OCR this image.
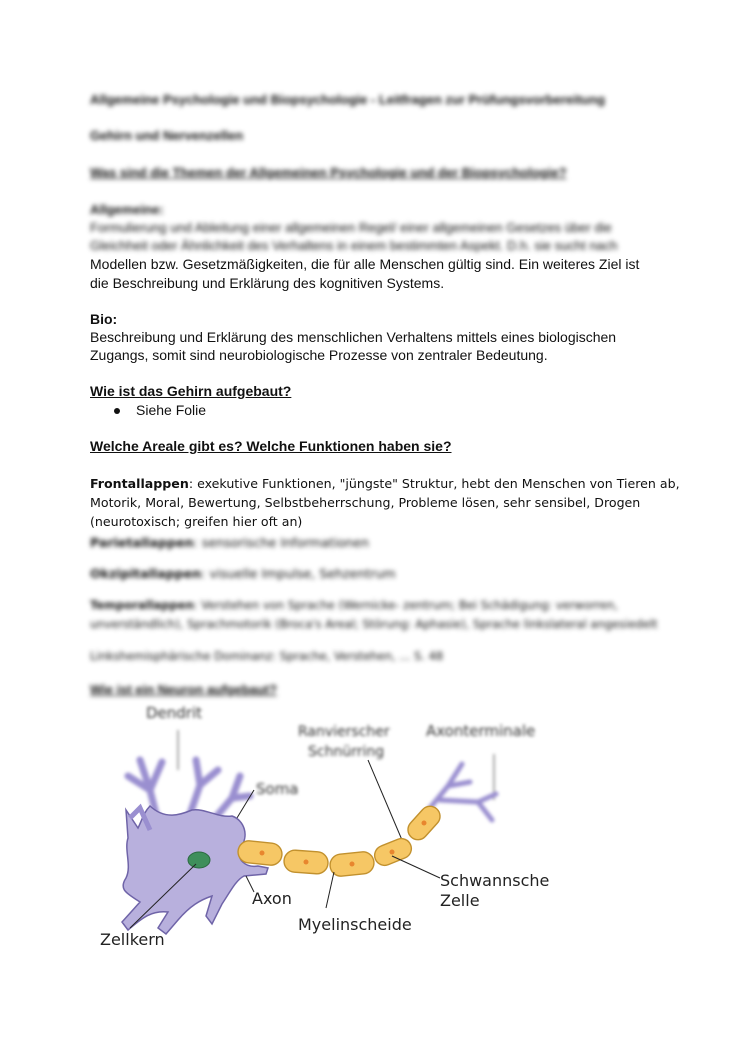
Allgemeine Psychologie und Biopsychologie - Leitfragen zur Prüfungsvorbereitung
Gehirn und Nervenzellen
Was sind die Themen der Allgemeinen Psychologie und der Biopsychologie?
Allgemeine:
Formulierung und Ableitung einer allgemeinen Regel/ einer allgemeinen Gesetzes über die
Gleichheit oder Ähnlichkeit des Verhaltens in einem bestimmten Aspekt. D.h. sie sucht nach
Modellen bzw. Gesetzmäßigkeiten, die für alle Menschen gültig sind. Ein weiteres Ziel ist
die Beschreibung und Erklärung des kognitiven Systems.
Bio:
Beschreibung und Erklärung des menschlichen Verhaltens mittels eines biologischen
Zugangs, somit sind neurobiologische Prozesse von zentraler Bedeutung.
Wie ist das Gehirn aufgebaut?
Siehe Folie
Welche Areale gibt es? Welche Funktionen haben sie?
Frontallappen: exekutive Funktionen, "jüngste" Struktur, hebt den Menschen von Tieren ab,
Motorik, Moral, Bewertung, Selbstbeherrschung, Probleme lösen, sehr sensibel, Drogen
(neurotoxisch; greifen hier oft an)
Parietallappen: sensorische Informationen
Okzipitallappen: visuelle Impulse, Sehzentrum
Temporallappen: Verstehen von Sprache (Wernicke- zentrum; Bei Schädigung: verworren,
unverständlich), Sprachmotorik (Broca's Areal; Störung: Aphasie), Sprache linkslateral angesiedelt
Linkshemisphärische Dominanz: Sprache, Verstehen, ... S. 48
Wie ist ein Neuron aufgebaut?
Dendrit
Soma
Ranvierscher
Schnürring
Axonterminale
Schwannsche
Zelle
Axon
Myelinscheide
Zellkern
